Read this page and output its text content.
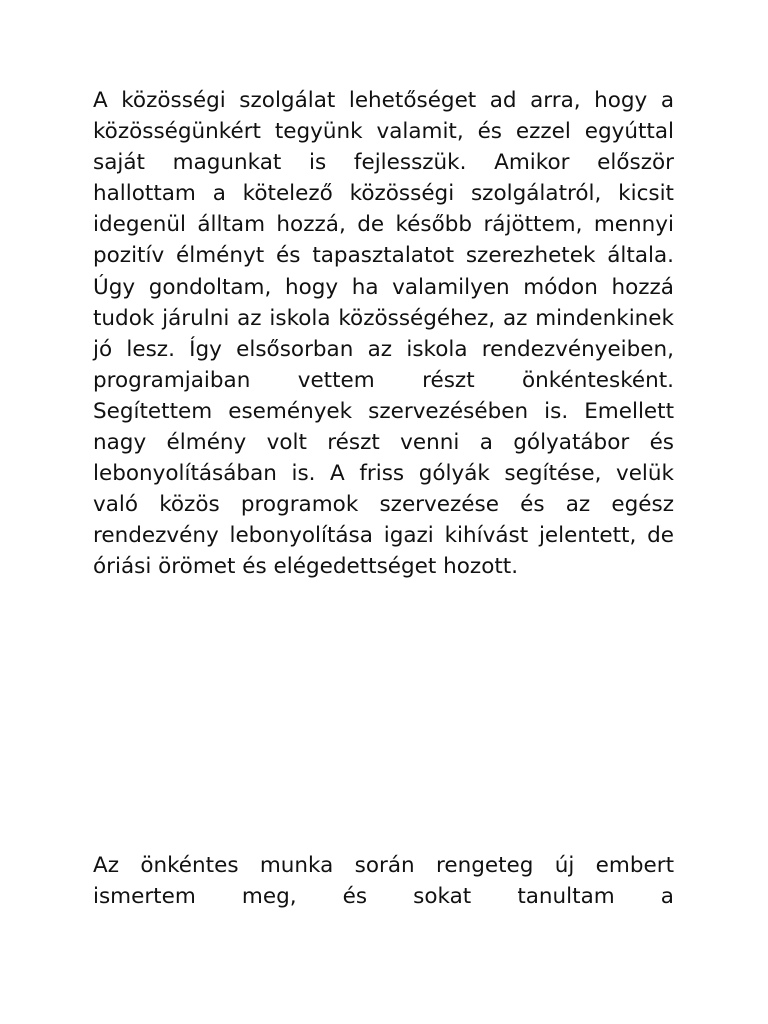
A közösségi szolgálat lehetőséget ad arra, hogy a közösségünkért tegyünk valamit, és ezzel egyúttal saját magunkat is fejlesszük. Amikor először hallottam a kötelező közösségi szolgálatról, kicsit idegenül álltam hozzá, de később rájöttem, mennyi pozitív élményt és tapasztalatot szerezhetek általa. Úgy gondoltam, hogy ha valamilyen módon hozzá tudok járulni az iskola közösségéhez, az mindenkinek jó lesz. Így elsősorban az iskola rendezvényeiben, programjaiban vettem részt önkéntesként. Segítettem események szervezésében is. Emellett nagy élmény volt részt venni a gólyatábor és lebonyolításában is. A friss gólyák segítése, velük való közös programok szervezése és az egész rendezvény lebonyolítása igazi kihívást jelentett, de óriási örömet és elégedettséget hozott.

Az önkéntes munka során rengeteg új embert ismertem meg, és sokat tanultam a
